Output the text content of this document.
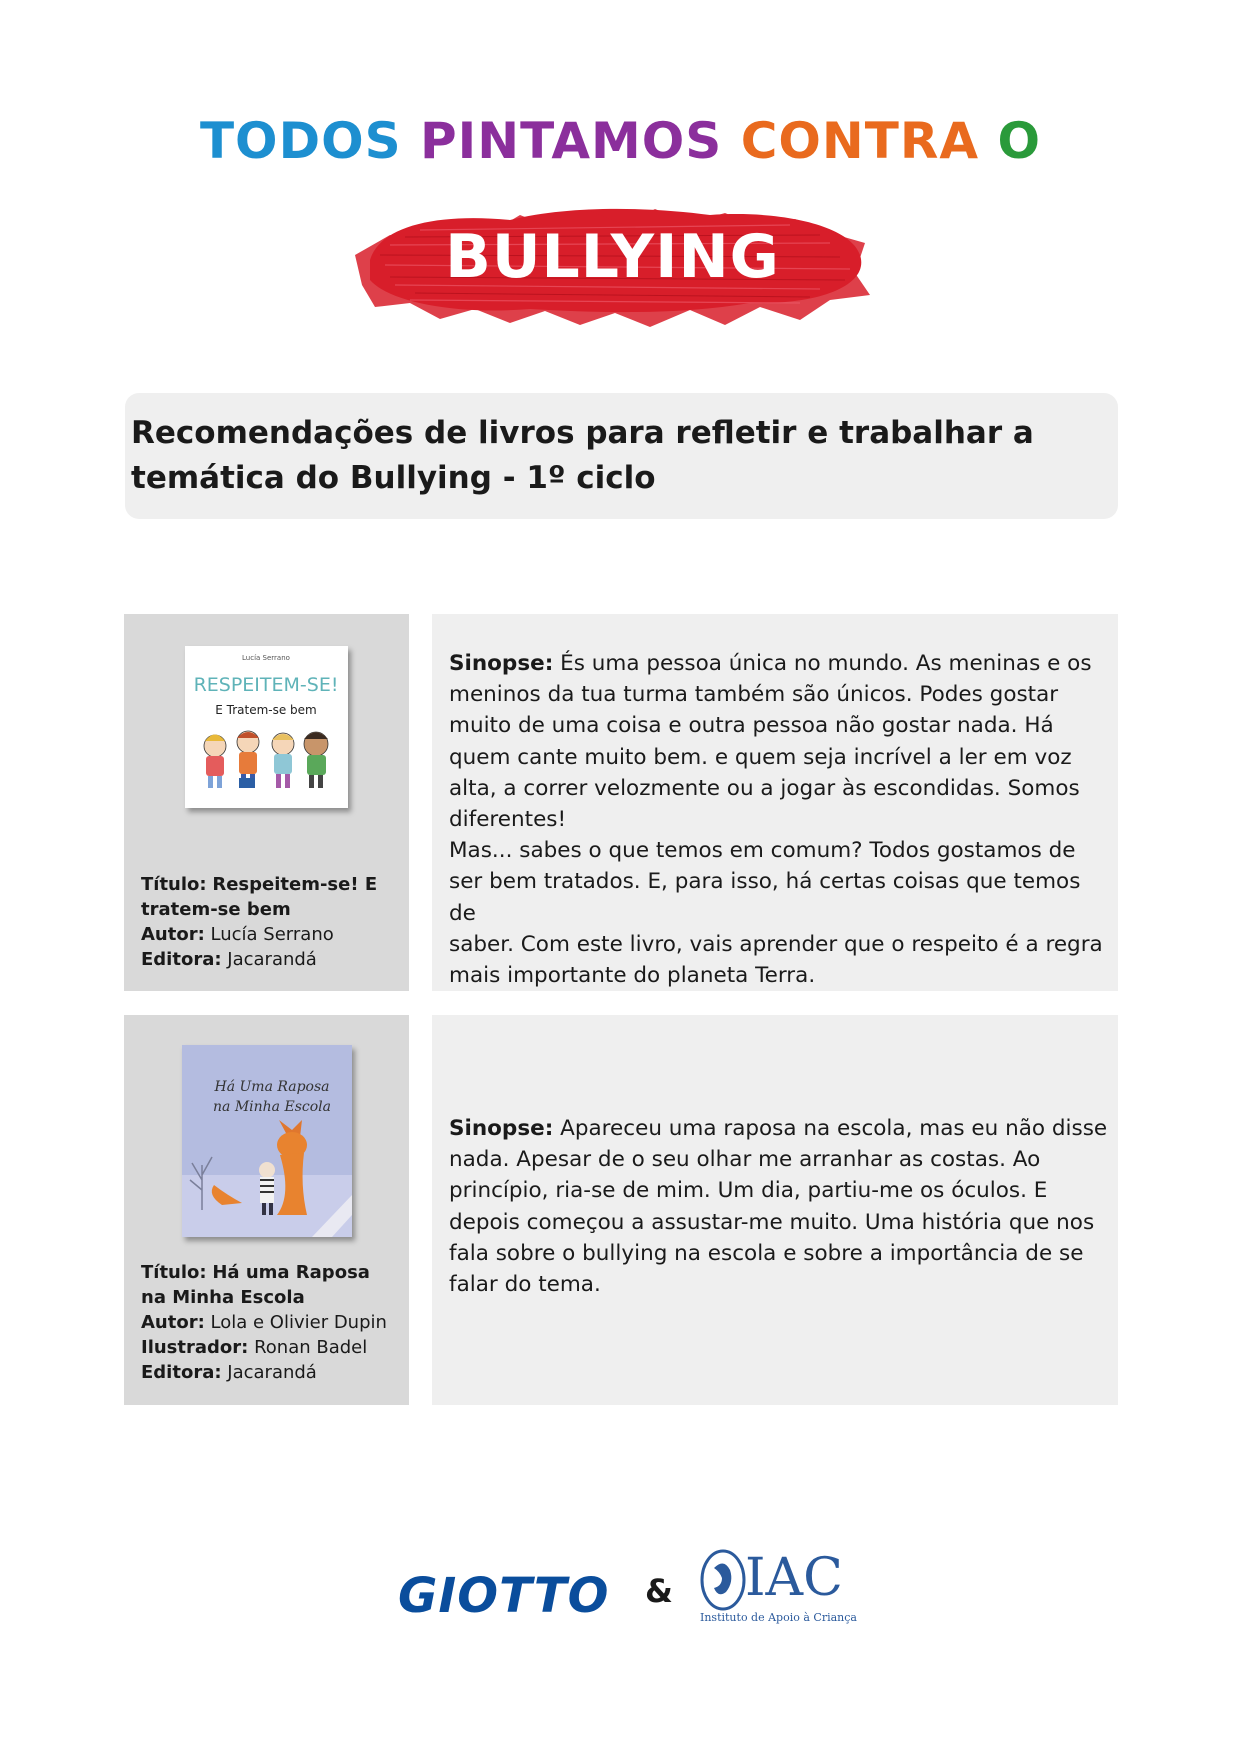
TODOS PINTAMOS CONTRA O
BULLYING
Recomendações de livros para refletir e trabalhar a
temática do Bullying - 1º ciclo
Lucía Serrano
RESPEITEM-SE!
E Tratem-se bem
Título: Respeitem-se! E tratem-se bem
Autor: Lucía Serrano
Editora: Jacarandá
Sinopse: És uma pessoa única no mundo. As meninas e os
meninos da tua turma também são únicos. Podes gostar
muito de uma coisa e outra pessoa não gostar nada. Há
quem cante muito bem. e quem seja incrível a ler em voz
alta, a correr velozmente ou a jogar às escondidas. Somos
diferentes!
Mas... sabes o que temos em comum? Todos gostamos de
ser bem tratados. E, para isso, há certas coisas que temos de
saber. Com este livro, vais aprender que o respeito é a regra
mais importante do planeta Terra.
Há Uma Raposa
na Minha Escola
Título: Há uma Raposa na Minha Escola
Autor: Lola e Olivier Dupin
Ilustrador: Ronan Badel
Editora: Jacarandá
Sinopse: Apareceu uma raposa na escola, mas eu não disse
nada. Apesar de o seu olhar me arranhar as costas. Ao
princípio, ria-se de mim. Um dia, partiu-me os óculos. E
depois começou a assustar-me muito. Uma história que nos
fala sobre o bullying na escola e sobre a importância de se
falar do tema.
GIOTTO & IAC
Instituto de Apoio à Criança
